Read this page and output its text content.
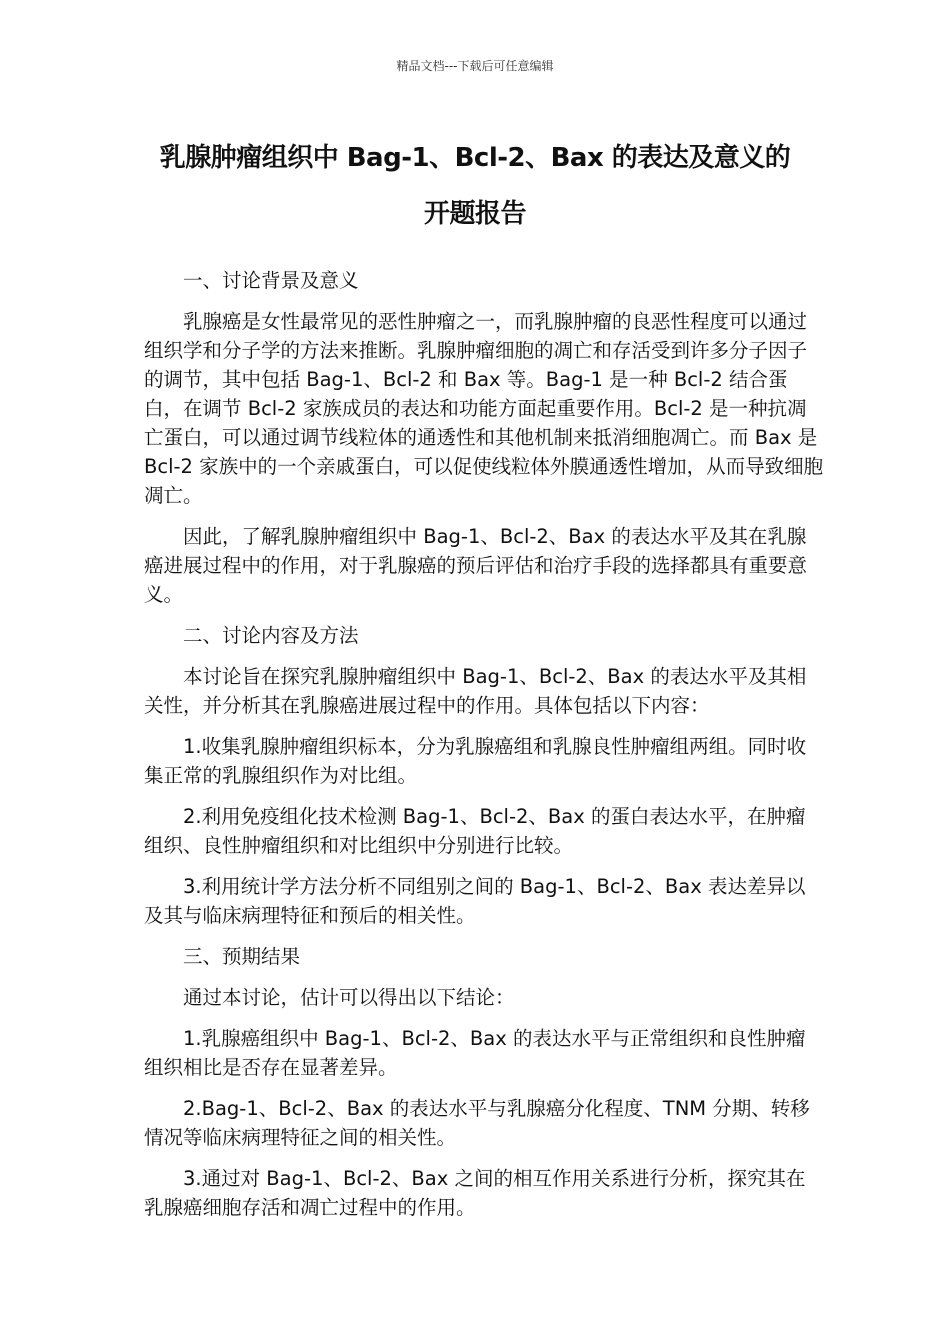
精品文档---下载后可任意编辑
乳腺肿瘤组织中 Bag-1、Bcl-2、Bax 的表达及意义的
开题报告

一、讨论背景及意义

乳腺癌是女性最常见的恶性肿瘤之一，而乳腺肿瘤的良恶性程度可以通过组织学和分子学的方法来推断。乳腺肿瘤细胞的凋亡和存活受到许多分子因子的调节，其中包括 Bag-1、Bcl-2 和 Bax 等。Bag-1 是一种 Bcl-2 结合蛋白，在调节 Bcl-2 家族成员的表达和功能方面起重要作用。Bcl-2 是一种抗凋亡蛋白，可以通过调节线粒体的通透性和其他机制来抵消细胞凋亡。而 Bax 是 Bcl-2 家族中的一个亲戚蛋白，可以促使线粒体外膜通透性增加，从而导致细胞凋亡。

因此，了解乳腺肿瘤组织中 Bag-1、Bcl-2、Bax 的表达水平及其在乳腺癌进展过程中的作用，对于乳腺癌的预后评估和治疗手段的选择都具有重要意义。

二、讨论内容及方法

本讨论旨在探究乳腺肿瘤组织中 Bag-1、Bcl-2、Bax 的表达水平及其相关性，并分析其在乳腺癌进展过程中的作用。具体包括以下内容：

1.收集乳腺肿瘤组织标本，分为乳腺癌组和乳腺良性肿瘤组两组。同时收集正常的乳腺组织作为对比组。

2.利用免疫组化技术检测 Bag-1、Bcl-2、Bax 的蛋白表达水平，在肿瘤组织、良性肿瘤组织和对比组织中分别进行比较。

3.利用统计学方法分析不同组别之间的 Bag-1、Bcl-2、Bax 表达差异以及其与临床病理特征和预后的相关性。

三、预期结果

通过本讨论，估计可以得出以下结论：

1.乳腺癌组织中 Bag-1、Bcl-2、Bax 的表达水平与正常组织和良性肿瘤组织相比是否存在显著差异。

2.Bag-1、Bcl-2、Bax 的表达水平与乳腺癌分化程度、TNM 分期、转移情况等临床病理特征之间的相关性。

3.通过对 Bag-1、Bcl-2、Bax 之间的相互作用关系进行分析，探究其在乳腺癌细胞存活和凋亡过程中的作用。
